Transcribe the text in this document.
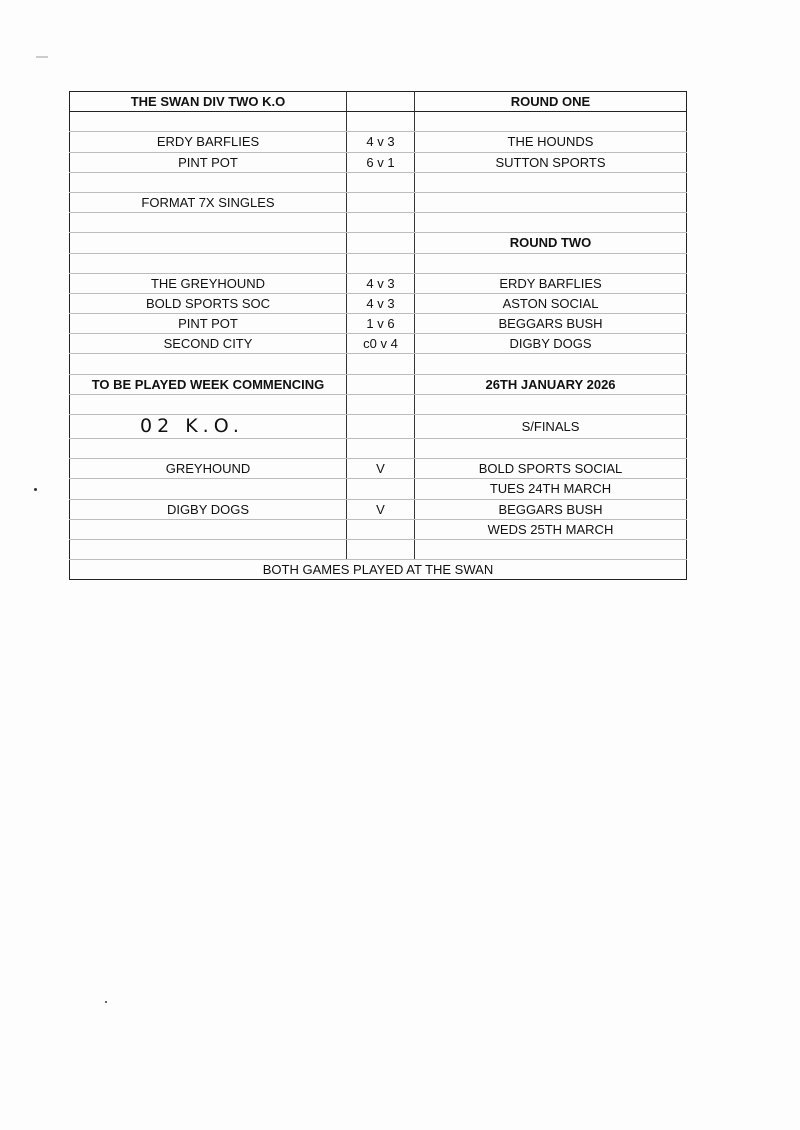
THE SWAN DIV TWO K.O		ROUND ONE

ERDY BARFLIES	4 v 3	THE HOUNDS
PINT POT	6 v 1	SUTTON SPORTS

FORMAT 7X SINGLES		

		ROUND TWO

THE GREYHOUND	4 v 3	ERDY BARFLIES
BOLD SPORTS SOC	4 v 3	ASTON SOCIAL
PINT POT	1 v 6	BEGGARS BUSH
SECOND CITY	c0 v 4	DIGBY DOGS

TO BE PLAYED WEEK COMMENCING		26TH JANUARY 2026

02 K.O.		S/FINALS

GREYHOUND	V	BOLD SPORTS SOCIAL
		TUES 24TH MARCH
DIGBY DOGS	V	BEGGARS BUSH
		WEDS 25TH MARCH

BOTH GAMES PLAYED AT THE SWAN		
